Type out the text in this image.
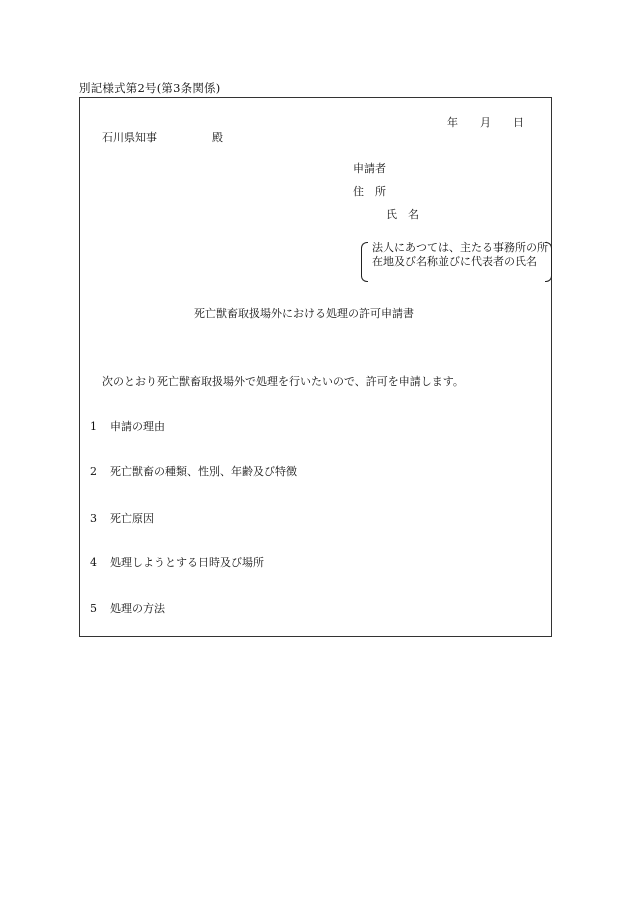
別記様式第2号(第3条関係)
年　　月　　日
石川県知事　　　　　殿
申請者
住　所
氏　名
法人にあつては、主たる事務所の所在地及び名称並びに代表者の氏名
死亡獣畜取扱場外における処理の許可申請書
次のとおり死亡獣畜取扱場外で処理を行いたいので、許可を申請します。
1 申請の理由
2 死亡獣畜の種類、性別、年齢及び特徴
3 死亡原因
4 処理しようとする日時及び場所
5 処理の方法
